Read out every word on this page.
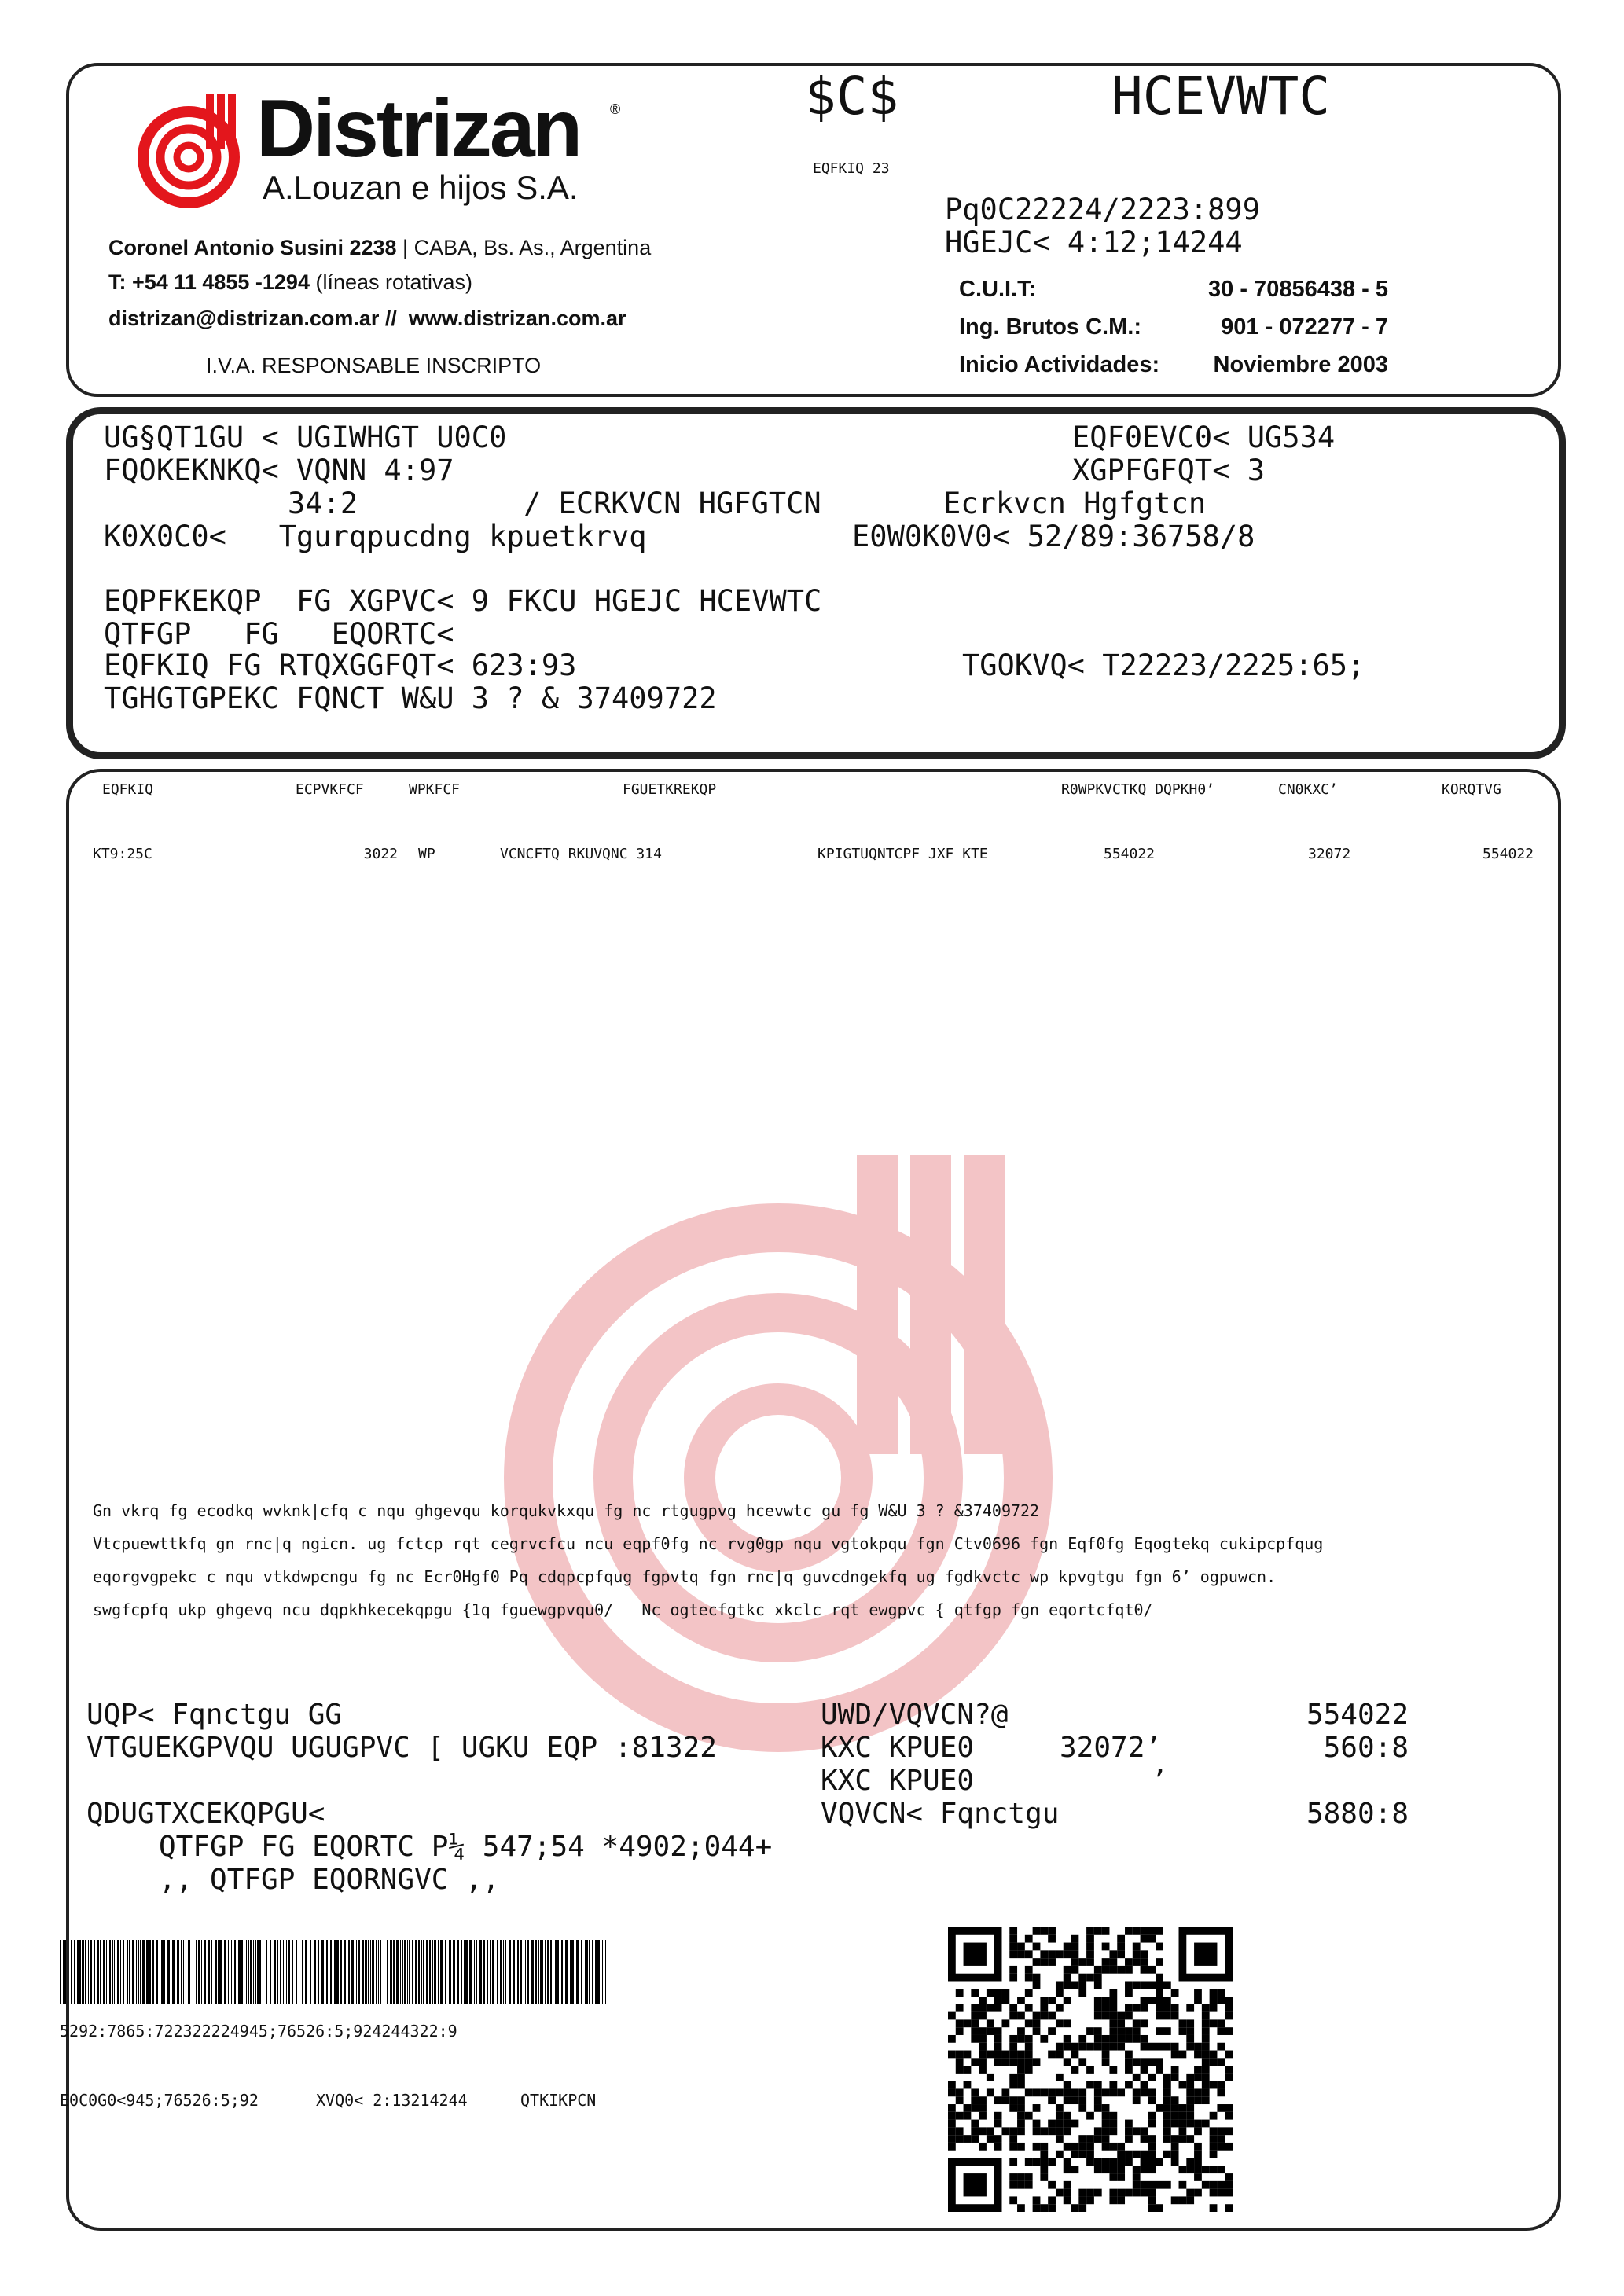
Distrizan ®
A.Louzan e hijos S.A.
Coronel Antonio Susini 2238 | CABA, Bs. As., Argentina
T: +54 11 4855 -1294 (líneas rotativas)
distrizan@distrizan.com.ar //  www.distrizan.com.ar
I.V.A. RESPONSABLE INSCRIPTO
$C$	HCEVWTC
EQFKIQ 23
Pq0C22224/2223:899
HGEJC< 4:12;14244
C.U.I.T:	30 - 70856438 - 5
Ing. Brutos C.M.:	901 - 072277 - 7
Inicio Actividades:	Noviembre 2003
UG§QT1GU < UGIWHGT U0C0	EQF0EVC0< UG534
FQOKEKNKQ< VQNN 4:97	XGPFGFQT< 3
34:2	/ ECRKVCN HGFGTCN	Ecrkvcn Hgfgtcn
K0X0C0<   Tgurqpucdng kpuetkrvq	E0W0K0V0< 52/89:36758/8
EQPFKEKQP  FG XGPVC< 9 FKCU HGEJC HCEVWTC
QTFGP   FG   EQORTC<
EQFKIQ FG RTQXGGFQT< 623:93	TGOKVQ< T22223/2225:65;
TGHGTGPEKC FQNCT W&U 3 ? & 37409722
EQFKIQ	ECPVKFCF	WPKFCF	FGUETKREKQP	R0WPKVCTKQ DQPKH0’	CN0KXC’	KORQTVG
KT9:25C	3022 WP	VCNCFTQ RKUVQNC 314	KPIGTUQNTCPF JXF KTE	554022	32072	554022
Gn vkrq fg ecodkq wvknk|cfq c nqu ghgevqu korqukvkxqu fg nc rtgugpvg hcevwtc gu fg W&U 3 ? &37409722
Vtcpuewttkfq gn rnc|q ngicn. ug fctcp rqt cegrvcfcu ncu eqpf0fg nc rvg0gp nqu vgtokpqu fgn Ctv0696 fgn Eqf0fg Eqogtekq cukipcpfqug
eqorgvgpekc c nqu vtkdwpcngu fg nc Ecr0Hgf0 Pq cdqpcpfqug fgpvtq fgn rnc|q guvcdngekfq ug fgdkvctc wp kpvgtgu fgn 6’ ogpuwcn.
swgfcpfq ukp ghgevq ncu dqpkhkecekqpgu {1q fguewgpvqu0/   Nc ogtecfgtkc xkclc rqt ewgpvc { qtfgp fgn eqortcfqt0/
UQP< Fqnctgu GG
VTGUEKGPVQU UGUGPVC [ UGKU EQP :81322
QDUGTXCEKQPGU<
QTFGP FG EQORTC P¼ 547;54 *4902;044+
,, QTFGP EQORNGVC ,,
UWD/VQVCN?@	554022
KXC KPUE0	32072’	560:8
KXC KPUE0	’
VQVCN< Fqnctgu	5880:8
5292:7865:722322224945;76526:5;924244322:9
E0C0G0<945;76526:5;92	XVQ0< 2:13214244	QTKIKPCN
